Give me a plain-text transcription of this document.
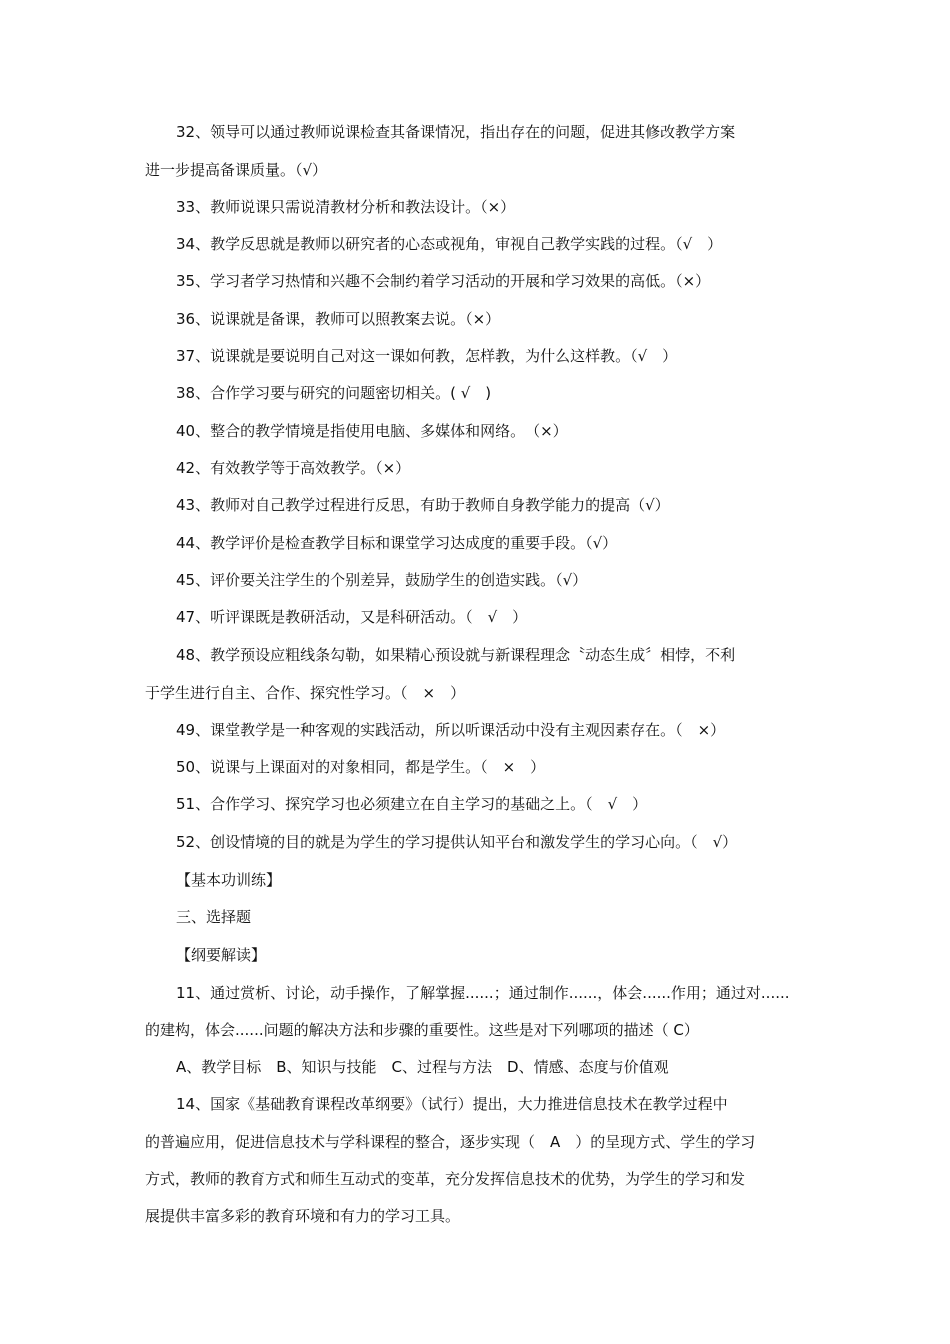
32、领导可以通过教师说课检查其备课情况，指出存在的问题，促进其修改教学方案
进一步提高备课质量。（√）
33、教师说课只需说清教材分析和教法设计。（×）
34、教学反思就是教师以研究者的心态或视角，审视自己教学实践的过程。（√　）
35、学习者学习热情和兴趣不会制约着学习活动的开展和学习效果的高低。（×）
36、说课就是备课，教师可以照教案去说。（×）
37、说课就是要说明自己对这一课如何教，怎样教，为什么这样教。（√　）
38、合作学习要与研究的问题密切相关。( √　)
40、整合的教学情境是指使用电脑、多媒体和网络。　（×）
42、有效教学等于高效教学。（×）
43、教师对自己教学过程进行反思，有助于教师自身教学能力的提高（√）
44、教学评价是检查教学目标和课堂学习达成度的重要手段。（√）
45、评价要关注学生的个别差异，鼓励学生的创造实践。（√）
47、听评课既是教研活动，又是科研活动。（　√　）
48、教学预设应粗线条勾勒，如果精心预设就与新课程理念〝动态生成〞相悖，不利
于学生进行自主、合作、探究性学习。（　×　）
49、课堂教学是一种客观的实践活动，所以听课活动中没有主观因素存在。（　×）
50、说课与上课面对的对象相同，都是学生。（　×　）
51、合作学习、探究学习也必须建立在自主学习的基础之上。（　√　）
52、创设情境的目的就是为学生的学习提供认知平台和激发学生的学习心向。（　√）
【基本功训练】
三、选择题
【纲要解读】
11、通过赏析、讨论，动手操作，了解掌握......；通过制作......，体会......作用；通过对......
的建构，体会......问题的解决方法和步骤的重要性。这些是对下列哪项的描述（ C）
A、教学目标　B、知识与技能　C、过程与方法　D、情感、态度与价值观
14、国家《基础教育课程改革纲要》（试行）提出，大力推进信息技术在教学过程中
的普遍应用，促进信息技术与学科课程的整合，逐步实现（　A　）的呈现方式、学生的学习
方式，教师的教育方式和师生互动式的变革，充分发挥信息技术的优势，为学生的学习和发
展提供丰富多彩的教育环境和有力的学习工具。
